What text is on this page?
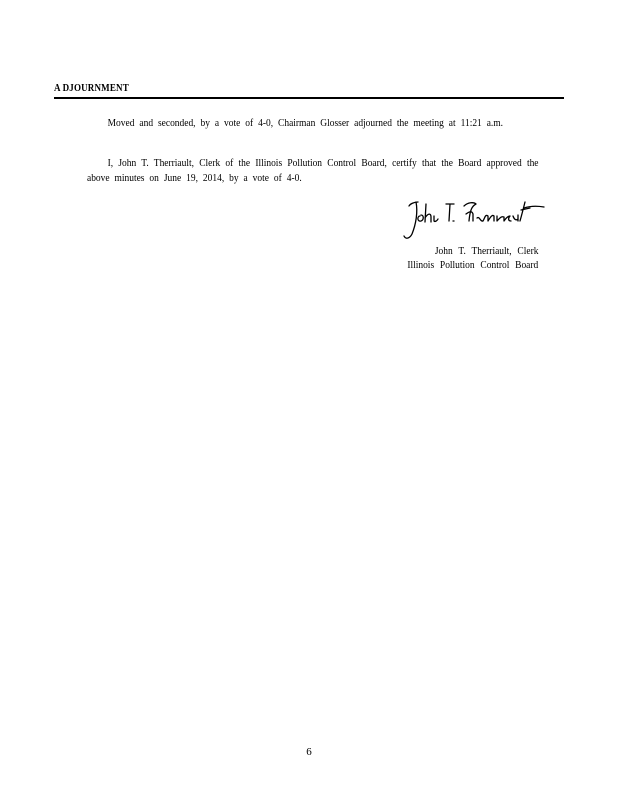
A DJOURNMENT
Moved and seconded, by a vote of 4-0, Chairman Glosser adjourned the meeting at 11:21 a.m.
I, John T. Therriault, Clerk of the Illinois Pollution Control Board, certify that the Board approved the above minutes on June 19, 2014, by a vote of 4-0.
John T. Therriault, Clerk
Illinois Pollution Control Board
6
